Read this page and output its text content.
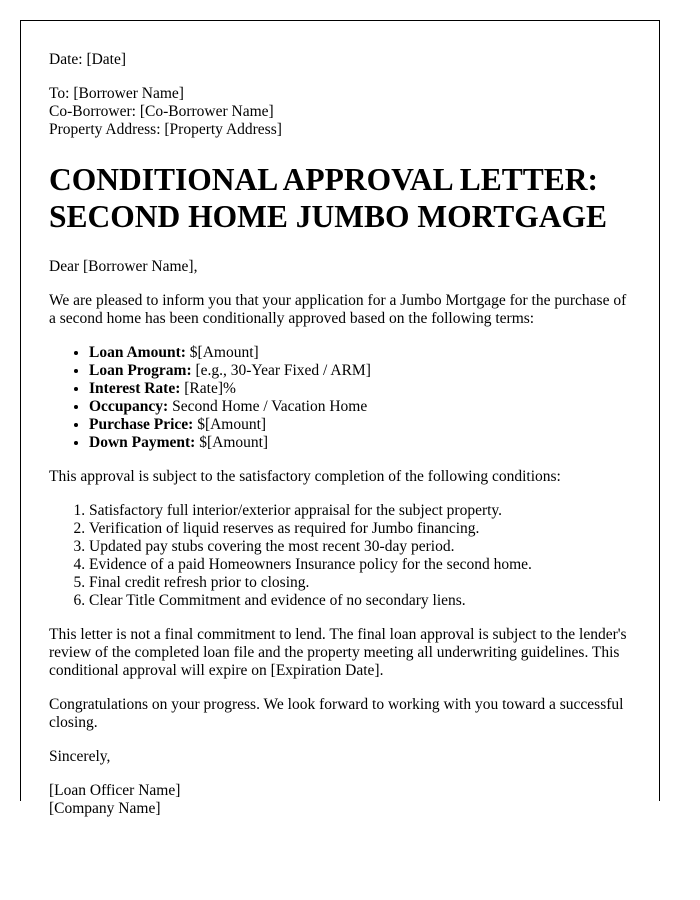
Date: [Date]

To: [Borrower Name]
Co-Borrower: [Co-Borrower Name]
Property Address: [Property Address]
CONDITIONAL APPROVAL LETTER:
SECOND HOME JUMBO MORTGAGE

Dear [Borrower Name],

We are pleased to inform you that your application for a Jumbo Mortgage for the purchase of a second home has been conditionally approved based on the following terms:

• Loan Amount: $[Amount]
• Loan Program: [e.g., 30-Year Fixed / ARM]
• Interest Rate: [Rate]%
• Occupancy: Second Home / Vacation Home
• Purchase Price: $[Amount]
• Down Payment: $[Amount]

This approval is subject to the satisfactory completion of the following conditions:

1. Satisfactory full interior/exterior appraisal for the subject property.
2. Verification of liquid reserves as required for Jumbo financing.
3. Updated pay stubs covering the most recent 30-day period.
4. Evidence of a paid Homeowners Insurance policy for the second home.
5. Final credit refresh prior to closing.
6. Clear Title Commitment and evidence of no secondary liens.

This letter is not a final commitment to lend. The final loan approval is subject to the lender's review of the completed loan file and the property meeting all underwriting guidelines. This conditional approval will expire on [Expiration Date].

Congratulations on your progress. We look forward to working with you toward a successful closing.

Sincerely,

[Loan Officer Name]
[Company Name]
